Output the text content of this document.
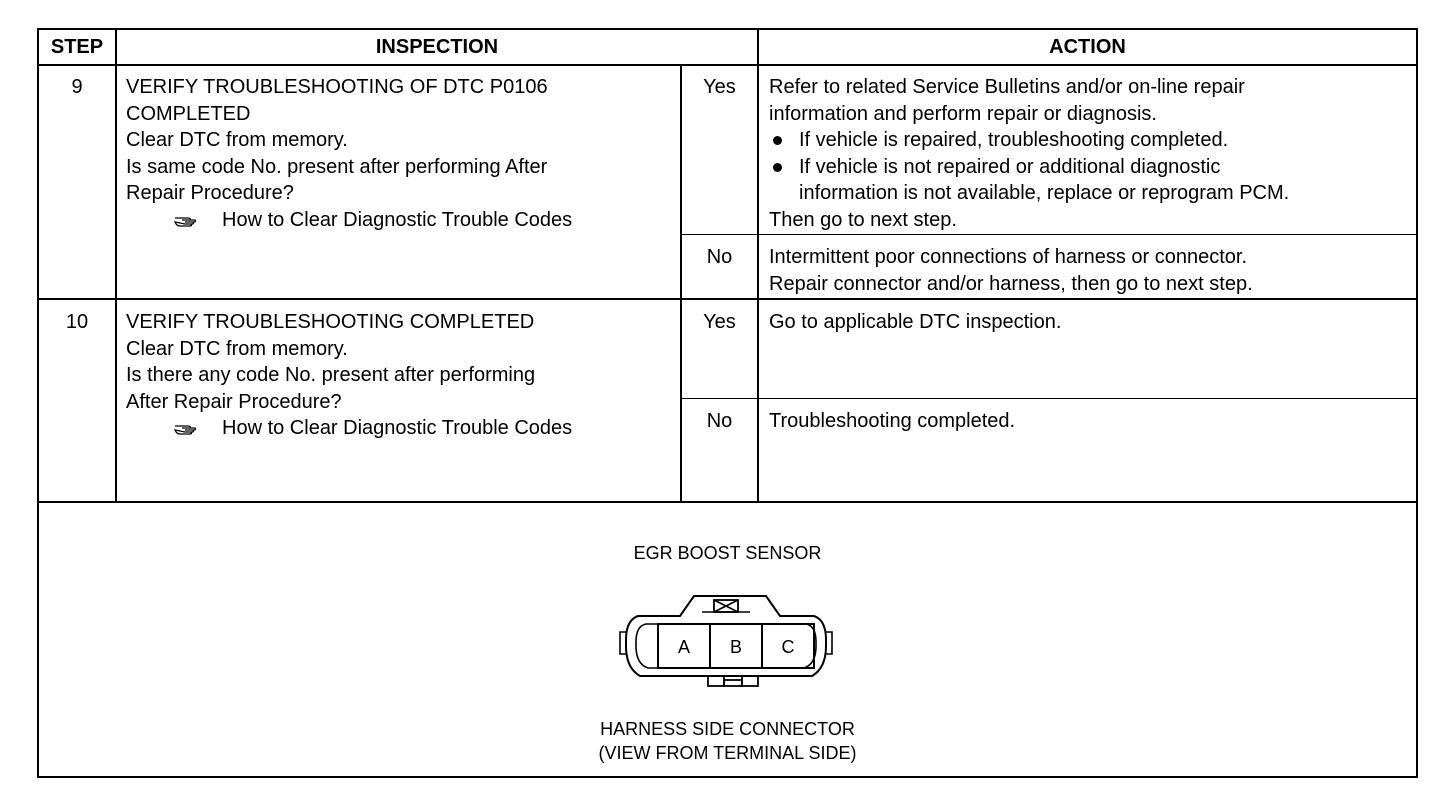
STEP	INSPECTION	ACTION
9	VERIFY TROUBLESHOOTING OF DTC P0106
COMPLETED
Clear DTC from memory.
Is same code No. present after performing After
Repair Procedure?
How to Clear Diagnostic Trouble Codes
Yes	Refer to related Service Bulletins and/or on-line repair
information and perform repair or diagnosis.
If vehicle is repaired, troubleshooting completed.
If vehicle is not repaired or additional diagnostic
information is not available, replace or reprogram PCM.
Then go to next step.
No	Intermittent poor connections of harness or connector.
Repair connector and/or harness, then go to next step.
10	VERIFY TROUBLESHOOTING COMPLETED
Clear DTC from memory.
Is there any code No. present after performing
After Repair Procedure?
How to Clear Diagnostic Trouble Codes
Yes	Go to applicable DTC inspection.
No	Troubleshooting completed.
EGR BOOST SENSOR
A B C
HARNESS SIDE CONNECTOR
(VIEW FROM TERMINAL SIDE)
